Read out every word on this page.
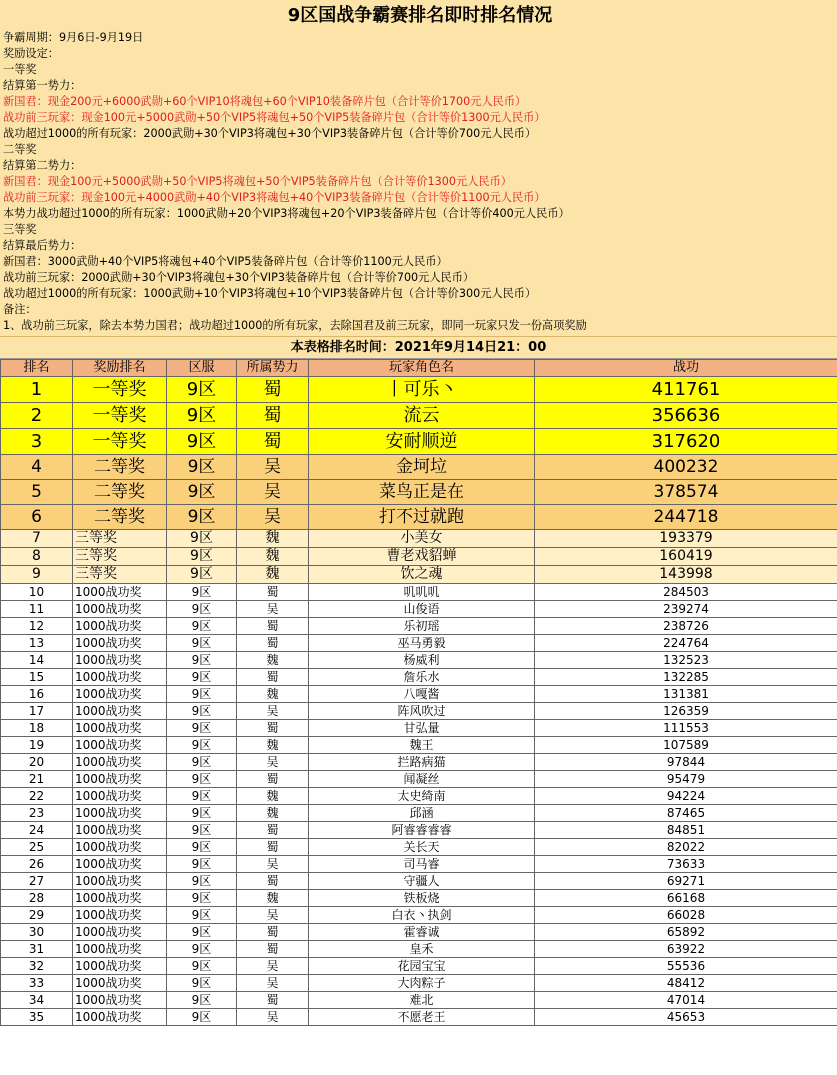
9区国战争霸赛排名即时排名情况
争霸周期：9月6日-9月19日
奖励设定：
一等奖
结算第一势力：
新国君：现金200元+6000武勋+60个VIP10将魂包+60个VIP10装备碎片包（合计等价1700元人民币）
战功前三玩家：现金100元+5000武勋+50个VIP5将魂包+50个VIP5装备碎片包（合计等价1300元人民币）
战功超过1000的所有玩家：2000武勋+30个VIP3将魂包+30个VIP3装备碎片包（合计等价700元人民币）
二等奖
结算第二势力：
新国君：现金100元+5000武勋+50个VIP5将魂包+50个VIP5装备碎片包（合计等价1300元人民币）
战功前三玩家：现金100元+4000武勋+40个VIP3将魂包+40个VIP3装备碎片包（合计等价1100元人民币）
本势力战功超过1000的所有玩家：1000武勋+20个VIP3将魂包+20个VIP3装备碎片包（合计等价400元人民币）
三等奖
结算最后势力：
新国君：3000武勋+40个VIP5将魂包+40个VIP5装备碎片包（合计等价1100元人民币）
战功前三玩家：2000武勋+30个VIP3将魂包+30个VIP3装备碎片包（合计等价700元人民币）
战功超过1000的所有玩家：1000武勋+10个VIP3将魂包+10个VIP3装备碎片包（合计等价300元人民币）
备注：
1、战功前三玩家，除去本势力国君；战功超过1000的所有玩家，去除国君及前三玩家，即同一玩家只发一份高项奖励
本表格排名时间：2021年9月14日21：00
排名	奖励排名	区服	所属势力	玩家角色名	战功
1	一等奖	9区	蜀	丨可乐丶	411761
2	一等奖	9区	蜀	流云	356636
3	一等奖	9区	蜀	安耐顺逆	317620
4	二等奖	9区	吴	金坷垃	400232
5	二等奖	9区	吴	菜鸟正是在	378574
6	二等奖	9区	吴	打不过就跑	244718
7	三等奖	9区	魏	小美女	193379
8	三等奖	9区	魏	曹老戏貂蝉	160419
9	三等奖	9区	魏	饮之魂	143998
10	1000战功奖	9区	蜀	叽叽叽	284503
11	1000战功奖	9区	吴	山俊语	239274
12	1000战功奖	9区	蜀	乐初瑶	238726
13	1000战功奖	9区	蜀	巫马勇毅	224764
14	1000战功奖	9区	魏	杨威利	132523
15	1000战功奖	9区	蜀	詹乐水	132285
16	1000战功奖	9区	魏	八嘎酱	131381
17	1000战功奖	9区	吴	阵风吹过	126359
18	1000战功奖	9区	蜀	甘弘量	111553
19	1000战功奖	9区	魏	魏王	107589
20	1000战功奖	9区	吴	拦路病猫	97844
21	1000战功奖	9区	蜀	闻凝丝	95479
22	1000战功奖	9区	魏	太史绮南	94224
23	1000战功奖	9区	魏	邱涵	87465
24	1000战功奖	9区	蜀	阿睿睿睿睿	84851
25	1000战功奖	9区	蜀	关长天	82022
26	1000战功奖	9区	吴	司马睿	73633
27	1000战功奖	9区	蜀	守疆人	69271
28	1000战功奖	9区	魏	铁板烧	66168
29	1000战功奖	9区	吴	白衣丶执剑	66028
30	1000战功奖	9区	蜀	霍睿诚	65892
31	1000战功奖	9区	蜀	皇禾	63922
32	1000战功奖	9区	吴	花园宝宝	55536
33	1000战功奖	9区	吴	大肉粽子	48412
34	1000战功奖	9区	蜀	难北	47014
35	1000战功奖	9区	吴	不愿老王	45653
